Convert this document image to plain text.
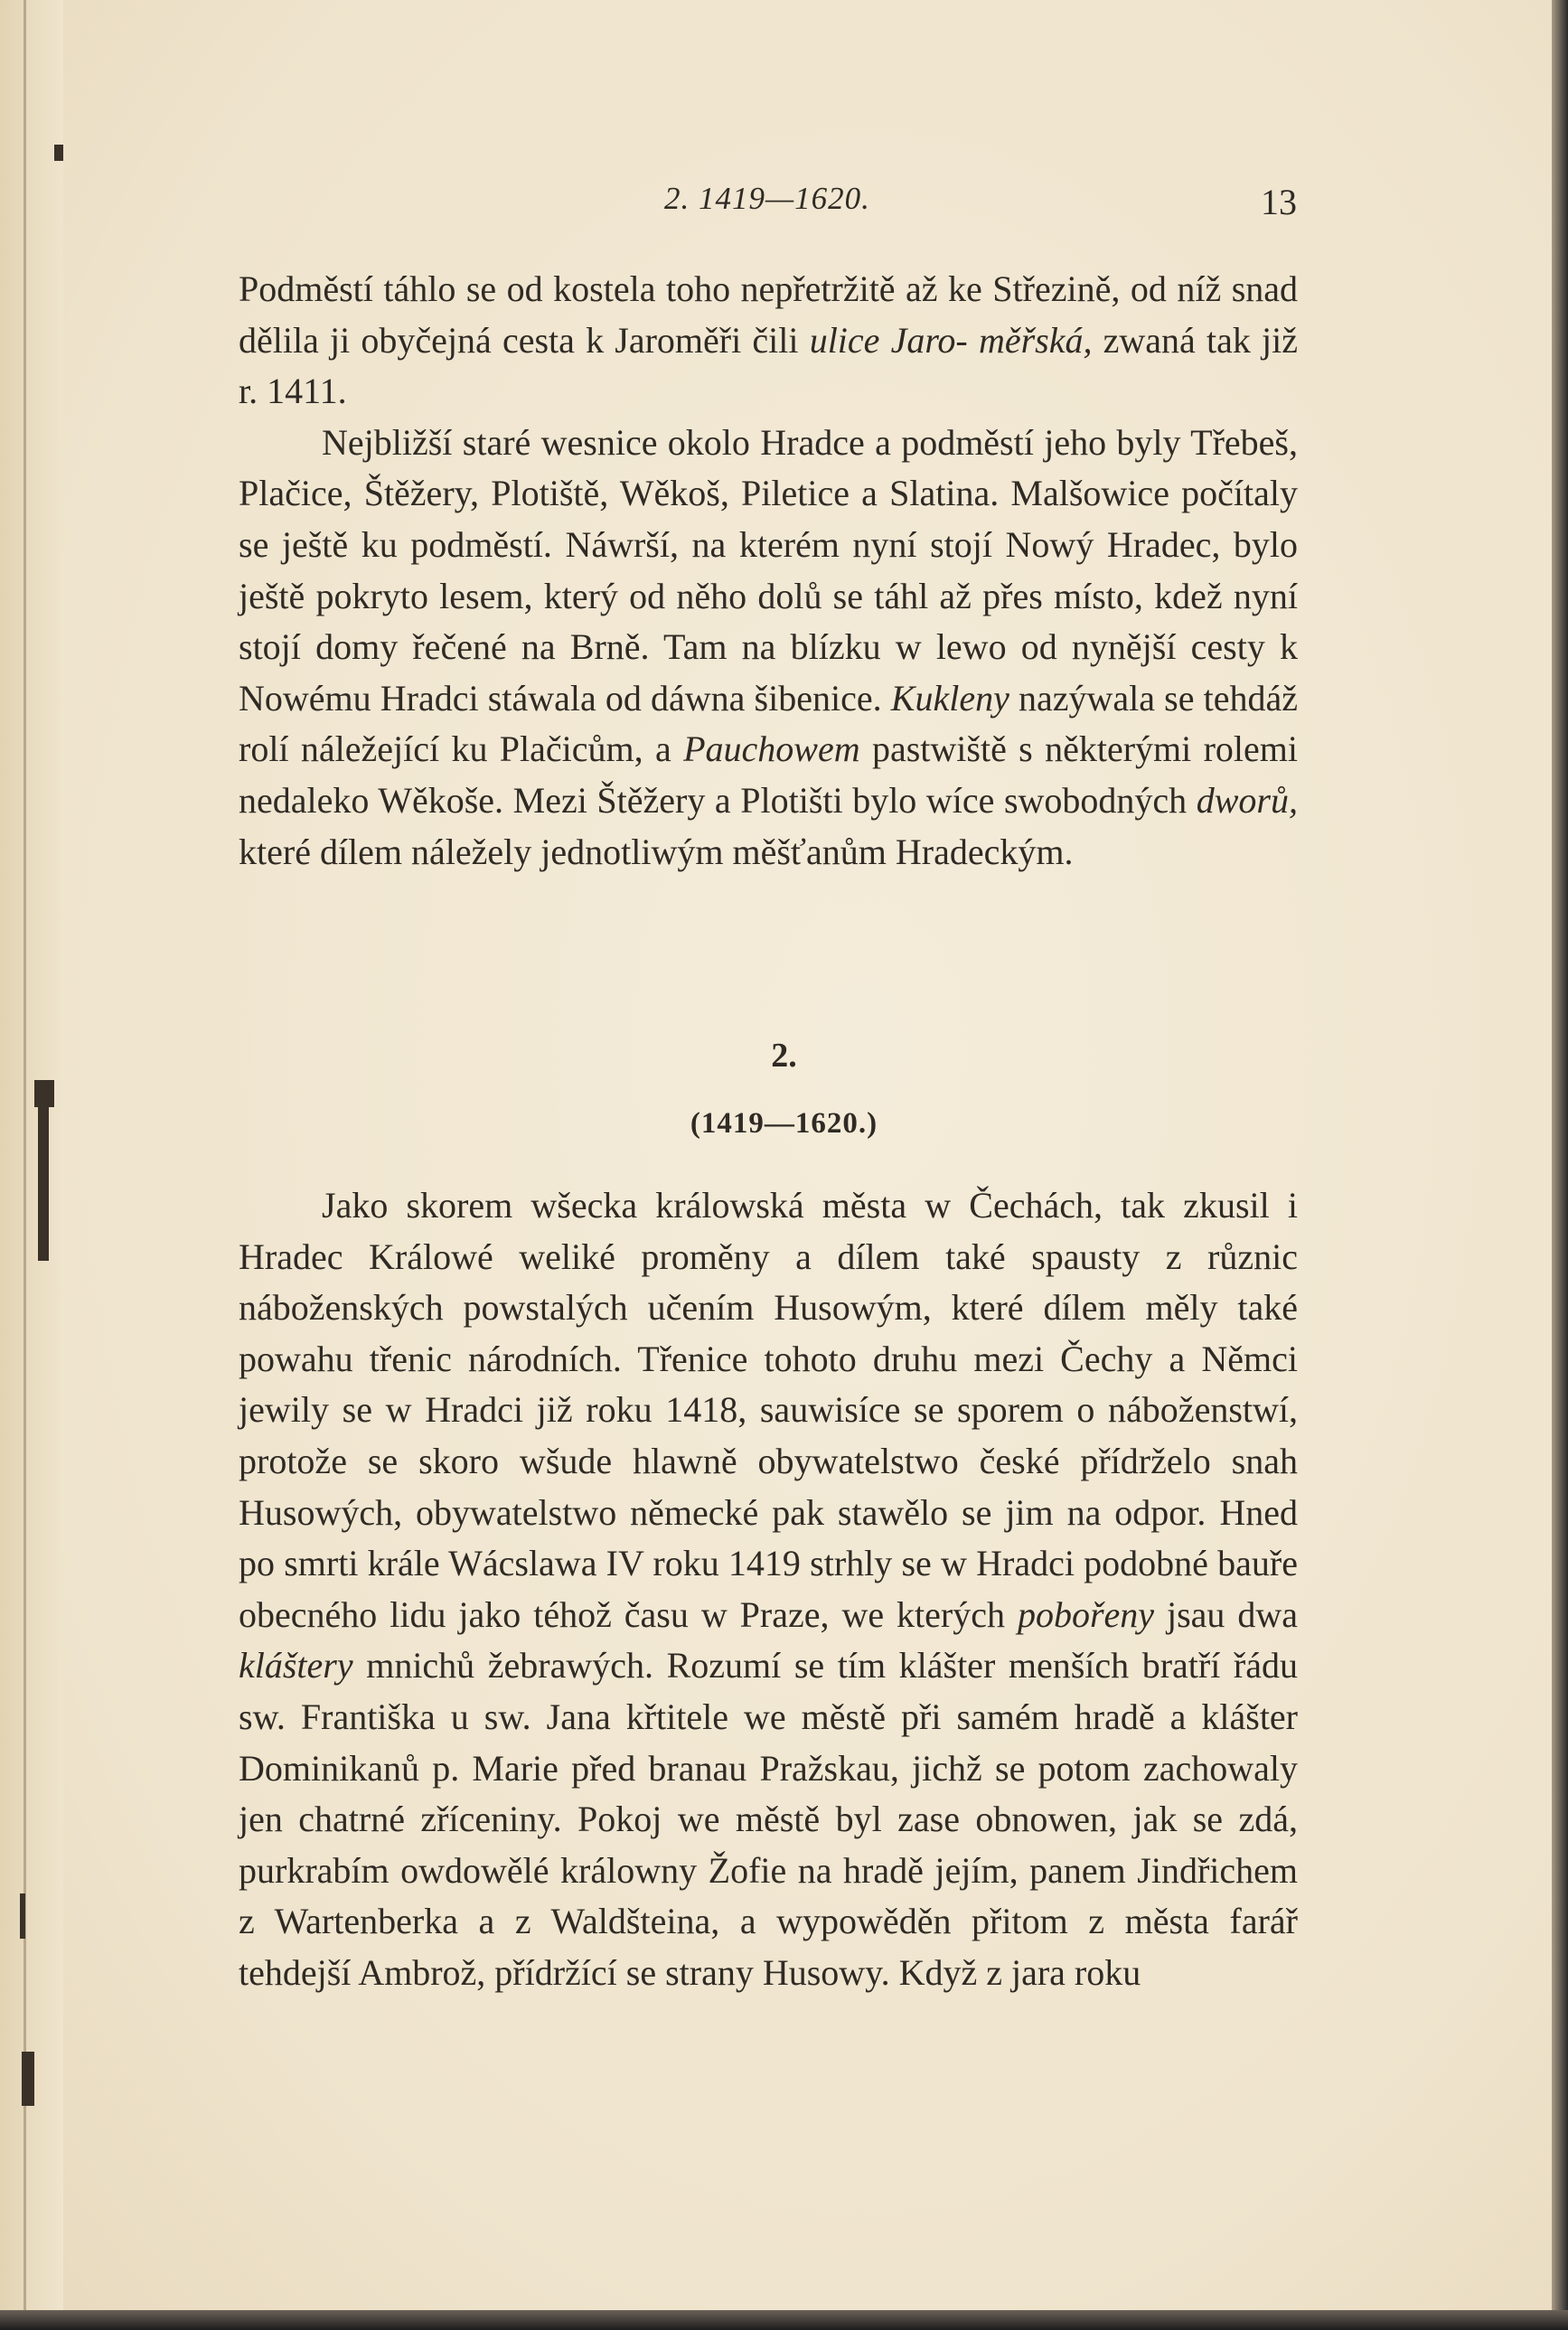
2. 1419—1620.	13

Podměstí táhlo se od kostela toho nepřetržitě až ke Střezině, od níž snad dělila ji obyčejná cesta k Jaroměři čili ulice Jaro- měřská, zwaná tak již r. 1411.

Nejbližší staré wesnice okolo Hradce a podměstí jeho byly Třebeš, Plačice, Štěžery, Plotiště, Wěkoš, Piletice a Slatina. Malšowice počítaly se ještě ku podměstí. Náwrší, na kterém nyní stojí Nowý Hradec, bylo ještě pokryto lesem, který od něho dolů se táhl až přes místo, kdež nyní stojí domy řečené na Brně. Tam na blízku w lewo od nynější cesty k Nowému Hradci stáwala od dáwna šibenice. Kukleny nazýwala se tehdáž rolí náležející ku Plačicům, a Pauchowem pastwiště s některými rolemi nedaleko Wěkoše. Mezi Štěžery a Plotišti bylo wíce swobodných dworů, které dílem náležely jednotliwým měšťanům Hradeckým.

2.
(1419—1620.)

Jako skorem wšecka králowská města w Čechách, tak zkusil i Hradec Králowé weliké proměny a dílem také spausty z různic náboženských powstalých učením Husowým, které dílem měly také powahu třenic národních. Třenice tohoto druhu mezi Čechy a Němci jewily se w Hradci již roku 1418, sauwisíce se sporem o náboženstwí, protože se skoro wšude hlawně obywatelstwo české přídrželo snah Husowých, obywatelstwo německé pak stawělo se jim na odpor. Hned po smrti krále Wácslawa IV roku 1419 strhly se w Hradci podobné bauře obecného lidu jako téhož času w Praze, we kterých pobořeny jsau dwa kláštery mnichů žebrawých. Rozumí se tím klášter menších bratří řádu sw. Františka u sw. Jana křtitele we městě při samém hradě a klášter Dominikanů p. Marie před branau Pražskau, jichž se potom zachowaly jen chatrné zříceniny. Pokoj we městě byl zase obnowen, jak se zdá, purkrabím owdowělé králowny Žofie na hradě jejím, panem Jindřichem z Wartenberka a z Waldšteina, a wypowěděn přitom z města farář tehdejší Ambrož, přídržící se strany Husowy. Když z jara roku
